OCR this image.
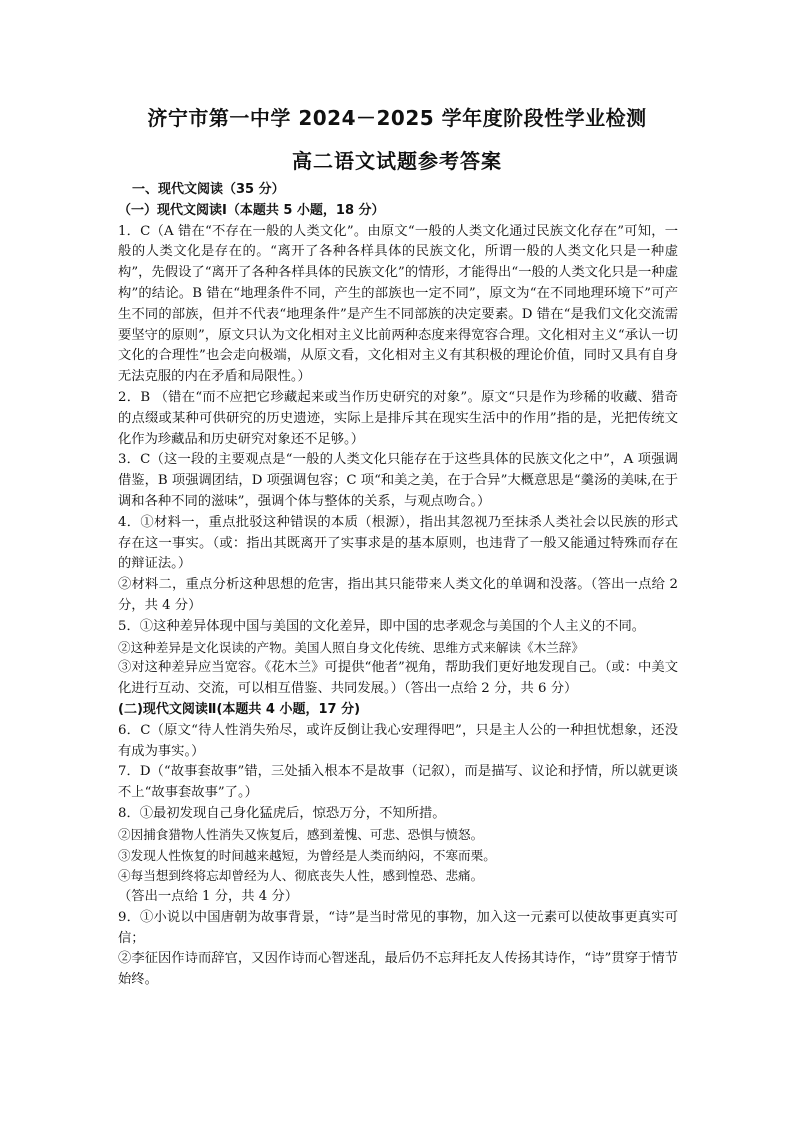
济宁市第一中学 2024－2025 学年度阶段性学业检测
高二语文试题参考答案

一、现代文阅读（35 分）

（一）现代文阅读Ⅰ（本题共 5 小题，18 分）

1．C（A 错在“不存在一般的人类文化”。由原文“一般的人类文化通过民族文化存在”可知，一般的人类文化是存在的。“离开了各种各样具体的民族文化，所谓一般的人类文化只是一种虚构”，先假设了“离开了各种各样具体的民族文化”的情形，才能得出“一般的人类文化只是一种虚构”的结论。B 错在“地理条件不同，产生的部族也一定不同”，原文为“在不同地理环境下”可产生不同的部族，但并不代表“地理条件”是产生不同部族的决定要素。D 错在“是我们文化交流需要坚守的原则”，原文只认为文化相对主义比前两种态度来得宽容合理。文化相对主义“承认一切文化的合理性”也会走向极端，从原文看，文化相对主义有其积极的理论价值，同时又具有自身无法克服的内在矛盾和局限性。）

2．B （错在“而不应把它珍藏起来或当作历史研究的对象”。原文“只是作为珍稀的收藏、猎奇的点缀或某种可供研究的历史遗迹，实际上是排斥其在现实生活中的作用”指的是，光把传统文化作为珍藏品和历史研究对象还不足够。）

3．C（这一段的主要观点是“一般的人类文化只能存在于这些具体的民族文化之中”，A 项强调借鉴，B 项强调团结，D 项强调包容；C 项“和美之美，在于合异”大概意思是“羹汤的美味,在于调和各种不同的滋味”，强调个体与整体的关系，与观点吻合。）

4．①材料一，重点批驳这种错误的本质（根源），指出其忽视乃至抹杀人类社会以民族的形式存在这一事实。（或：指出其既离开了实事求是的基本原则，也违背了一般又能通过特殊而存在的辩证法。）

②材料二，重点分析这种思想的危害，指出其只能带来人类文化的单调和没落。（答出一点给 2 分，共 4 分）

5．①这种差异体现中国与美国的文化差异，即中国的忠孝观念与美国的个人主义的不同。

②这种差异是文化误读的产物。美国人照自身文化传统、思维方式来解读《木兰辞》

③对这种差异应当宽容。《花木兰》可提供“他者”视角，帮助我们更好地发现自己。（或：中美文化进行互动、交流，可以相互借鉴、共同发展。）（答出一点给 2 分，共 6 分）

(二)现代文阅读Ⅱ(本题共 4 小题，17 分)

6．C（原文“待人性消失殆尽，或许反倒让我心安理得吧”，只是主人公的一种担忧想象，还没有成为事实。）

7．D（“故事套故事”错，三处插入根本不是故事（记叙），而是描写、议论和抒情，所以就更谈不上“故事套故事”了。）

8．①最初发现自己身化猛虎后，惊恐万分，不知所措。

②因捕食猎物人性消失又恢复后，感到羞愧、可悲、恐惧与愤怒。

③发现人性恢复的时间越来越短，为曾经是人类而纳闷，不寒而栗。

④每当想到终将忘却曾经为人、彻底丧失人性，感到惶恐、悲痛。

（答出一点给 1 分，共 4 分）

9．①小说以中国唐朝为故事背景，“诗”是当时常见的事物，加入这一元素可以使故事更真实可信；

②李征因作诗而辞官，又因作诗而心智迷乱，最后仍不忘拜托友人传扬其诗作，“诗”贯穿于情节始终。
